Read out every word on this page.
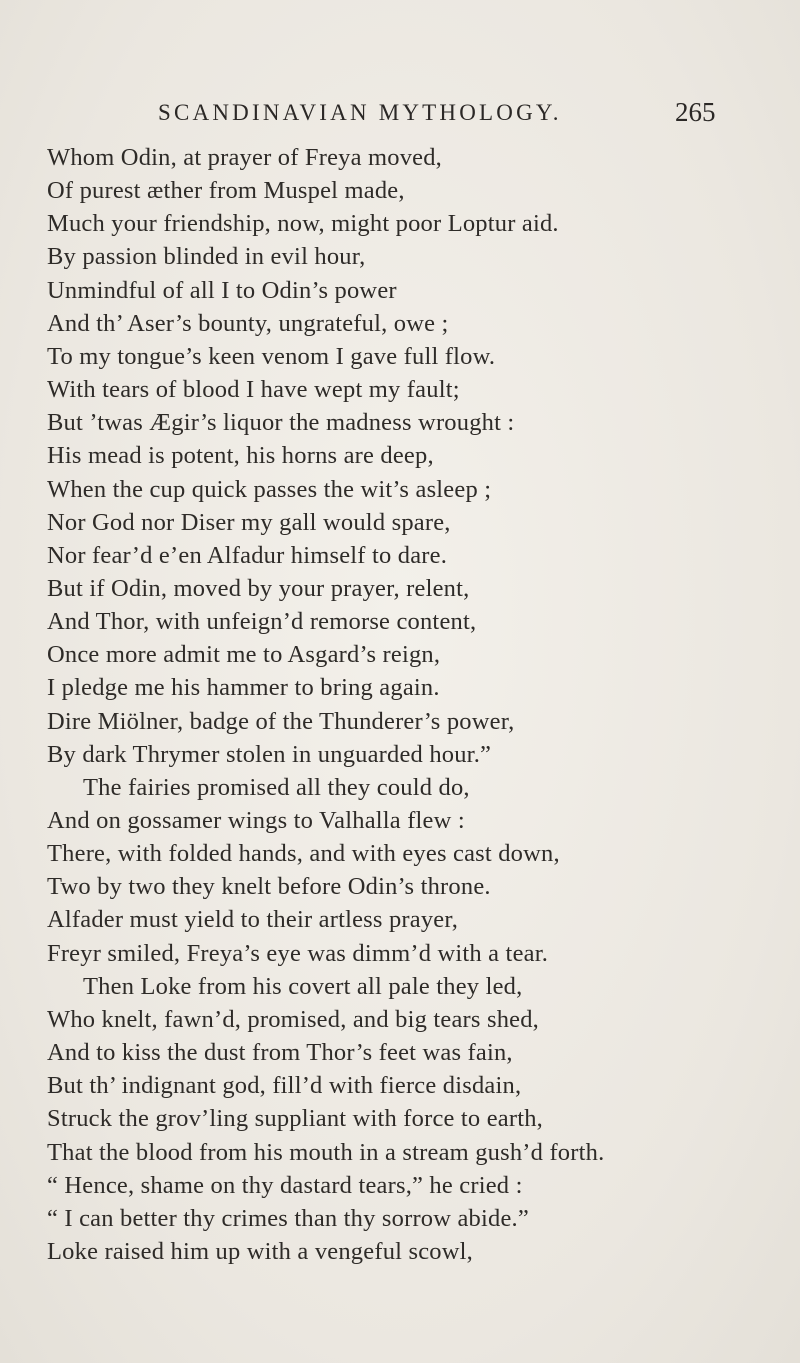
SCANDINAVIAN MYTHOLOGY.	265
Whom Odin, at prayer of Freya moved,
Of purest æther from Muspel made,
Much your friendship, now, might poor Loptur aid.
By passion blinded in evil hour,
Unmindful of all I to Odin’s power
And th’ Aser’s bounty, ungrateful, owe ;
To my tongue’s keen venom I gave full flow.
With tears of blood I have wept my fault;
But ’twas Ægir’s liquor the madness wrought :
His mead is potent, his horns are deep,
When the cup quick passes the wit’s asleep ;
Nor God nor Diser my gall would spare,
Nor fear’d e’en Alfadur himself to dare.
But if Odin, moved by your prayer, relent,
And Thor, with unfeign’d remorse content,
Once more admit me to Asgard’s reign,
I pledge me his hammer to bring again.
Dire Miölner, badge of the Thunderer’s power,
By dark Thrymer stolen in unguarded hour.”
The fairies promised all they could do,
And on gossamer wings to Valhalla flew :
There, with folded hands, and with eyes cast down,
Two by two they knelt before Odin’s throne.
Alfader must yield to their artless prayer,
Freyr smiled, Freya’s eye was dimm’d with a tear.
Then Loke from his covert all pale they led,
Who knelt, fawn’d, promised, and big tears shed,
And to kiss the dust from Thor’s feet was fain,
But th’ indignant god, fill’d with fierce disdain,
Struck the grov’ling suppliant with force to earth,
That the blood from his mouth in a stream gush’d forth.
“ Hence, shame on thy dastard tears,” he cried :
“ I can better thy crimes than thy sorrow abide.”
Loke raised him up with a vengeful scowl,
